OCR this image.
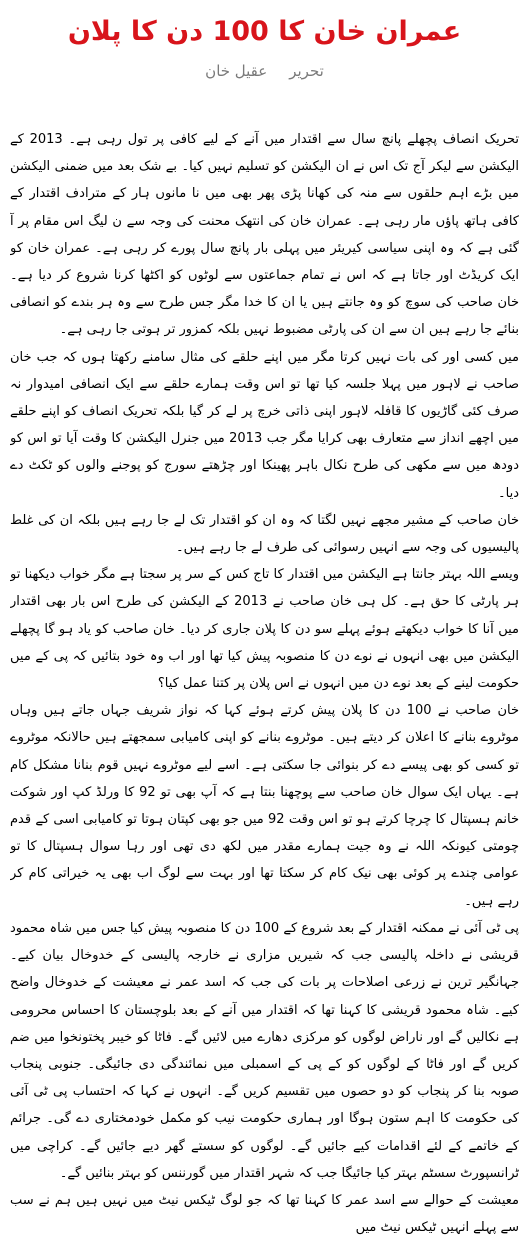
عمران خان کا 100 دن کا پلان
تحریرعقیل خان

تحریک انصاف پچھلے پانچ سال سے اقتدار میں آنے کے لیے کافی پر تول رہی ہے۔ 2013 کے الیکشن سے لیکر آج تک اس نے ان الیکشن کو تسلیم نہیں کیا۔ بے شک بعد میں ضمنی الیکشن میں بڑے اہم حلقوں سے منہ کی کھانا پڑی پھر بھی میں نا مانوں ہار کے مترادف اقتدار کے کافی ہاتھ پاؤں مار رہی ہے۔ عمران خان کی انتھک محنت کی وجہ سے ن لیگ اس مقام پر آ گئی ہے کہ وہ اپنی سیاسی کیریئر میں پہلی بار پانچ سال پورے کر رہی ہے۔ عمران خان کو ایک کریڈٹ اور جاتا ہے کہ اس نے تمام جماعتوں سے لوٹوں کو اکٹھا کرنا شروع کر دیا ہے۔ خان صاحب کی سوچ کو وہ جانتے ہیں یا ان کا خدا مگر جس طرح سے وہ ہر بندے کو انصافی بنائے جا رہے ہیں ان سے ان کی پارٹی مضبوط نہیں بلکہ کمزور تر ہوتی جا رہی ہے۔

میں کسی اور کی بات نہیں کرتا مگر میں اپنے حلقے کی مثال سامنے رکھتا ہوں کہ جب خان صاحب نے لاہور میں پہلا جلسہ کیا تھا تو اس وقت ہمارے حلقے سے ایک انصافی امیدوار نہ صرف کئی گاڑیوں کا قافلہ لاہور اپنی ذاتی خرچ پر لے کر گیا بلکہ تحریک انصاف کو اپنے حلقے میں اچھے انداز سے متعارف بھی کرایا مگر جب 2013 میں جنرل الیکشن کا وقت آیا تو اس کو دودھ میں سے مکھی کی طرح نکال باہر پھینکا اور چڑھتے سورج کو پوجنے والوں کو ٹکٹ دے دیا۔

خان صاحب کے مشیر مجھے نہیں لگتا کہ وہ ان کو اقتدار تک لے جا رہے ہیں بلکہ ان کی غلط پالیسیوں کی وجہ سے انہیں رسوائی کی طرف لے جا رہے ہیں۔

ویسے اللہ بہتر جانتا ہے الیکشن میں اقتدار کا تاج کس کے سر پر سجتا ہے مگر خواب دیکھنا تو ہر پارٹی کا حق ہے۔ کل ہی خان صاحب نے 2013 کے الیکشن کی طرح اس بار بھی اقتدار میں آنا کا خواب دیکھتے ہوئے پہلے سو دن کا پلان جاری کر دیا۔ خان صاحب کو یاد ہو گا پچھلے الیکشن میں بھی انہوں نے نوے دن کا منصوبہ پیش کیا تھا اور اب وہ خود بتائیں کہ پی کے میں حکومت لینے کے بعد نوے دن میں انہوں نے اس پلان پر کتنا عمل کیا؟

خان صاحب نے 100 دن کا پلان پیش کرتے ہوئے کہا کہ نواز شریف جہاں جاتے ہیں وہاں موٹروے بنانے کا اعلان کر دیتے ہیں۔ موٹروے بنانے کو اپنی کامیابی سمجھتے ہیں حالانکہ موٹروے تو کسی کو بھی پیسے دے کر بنوائی جا سکتی ہے۔ اسے لیے موٹروے نہیں قوم بنانا مشکل کام ہے۔ یہاں ایک سوال خان صاحب سے پوچھنا بنتا ہے کہ آپ بھی تو 92 کا ورلڈ کپ اور شوکت خانم ہسپتال کا چرچا کرتے ہو تو اس وقت 92 میں جو بھی کپتان ہوتا تو کامیابی اسی کے قدم چومتی کیونکہ اللہ نے وہ جیت ہمارے مقدر میں لکھ دی تھی اور رہا سوال ہسپتال کا تو عوامی چندے پر کوئی بھی نیک کام کر سکتا تھا اور بہت سے لوگ اب بھی یہ خیراتی کام کر رہے ہیں۔

پی ٹی آئی نے ممکنہ اقتدار کے بعد شروع کے 100 دن کا منصوبہ پیش کیا جس میں شاہ محمود قریشی نے داخلہ پالیسی جب کہ شیریں مزاری نے خارجہ پالیسی کے خدوخال بیان کیے۔ جہانگیر ترین نے زرعی اصلاحات پر بات کی جب کہ اسد عمر نے معیشت کے خدوخال واضح کیے۔ شاہ محمود قریشی کا کہنا تھا کہ اقتدار میں آنے کے بعد بلوچستان کا احساس محرومی ہے نکالیں گے اور ناراض لوگوں کو مرکزی دھارے میں لائیں گے۔ فاٹا کو خیبر پختونخوا میں ضم کریں گے اور فاٹا کے لوگوں کو کے پی کے اسمبلی میں نمائندگی دی جائیگی۔ جنوبی پنجاب صوبہ بنا کر پنجاب کو دو حصوں میں تقسیم کریں گے۔ انہوں نے کہا کہ احتساب پی ٹی آئی کی حکومت کا اہم ستون ہوگا اور ہماری حکومت نیب کو مکمل خودمختاری دے گی۔ جرائم کے خاتمے کے لئے اقدامات کیے جائیں گے۔ لوگوں کو سستے گھر دیے جائیں گے۔ کراچی میں ٹرانسپورٹ سسٹم بہتر کیا جائیگا جب کہ شہر اقتدار میں گورننس کو بہتر بنائیں گے۔

معیشت کے حوالے سے اسد عمر کا کہنا تھا کہ جو لوگ ٹیکس نیٹ میں نہیں ہیں ہم نے سب سے پہلے انہیں ٹیکس نیٹ میں
